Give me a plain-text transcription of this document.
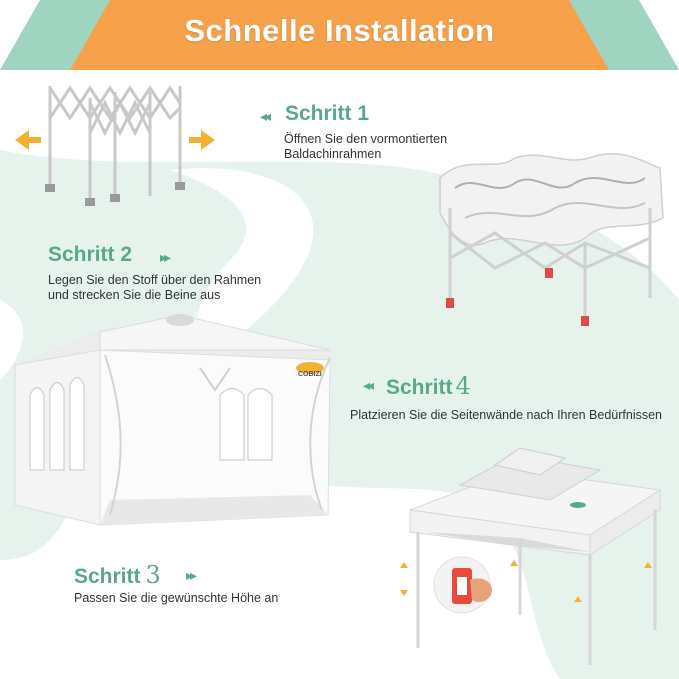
Schnelle Installation
◂◂ Schritt 1
Öffnen Sie den vormontierten
Baldachinrahmen
Schritt 2 ▸▸
Legen Sie den Stoff über den Rahmen
und strecken Sie die Beine aus
COBIZI
◂◂ Schritt 4
Platzieren Sie die Seitenwände nach Ihren Bedürfnissen
Schritt 3 ▸▸
Passen Sie die gewünschte Höhe an
